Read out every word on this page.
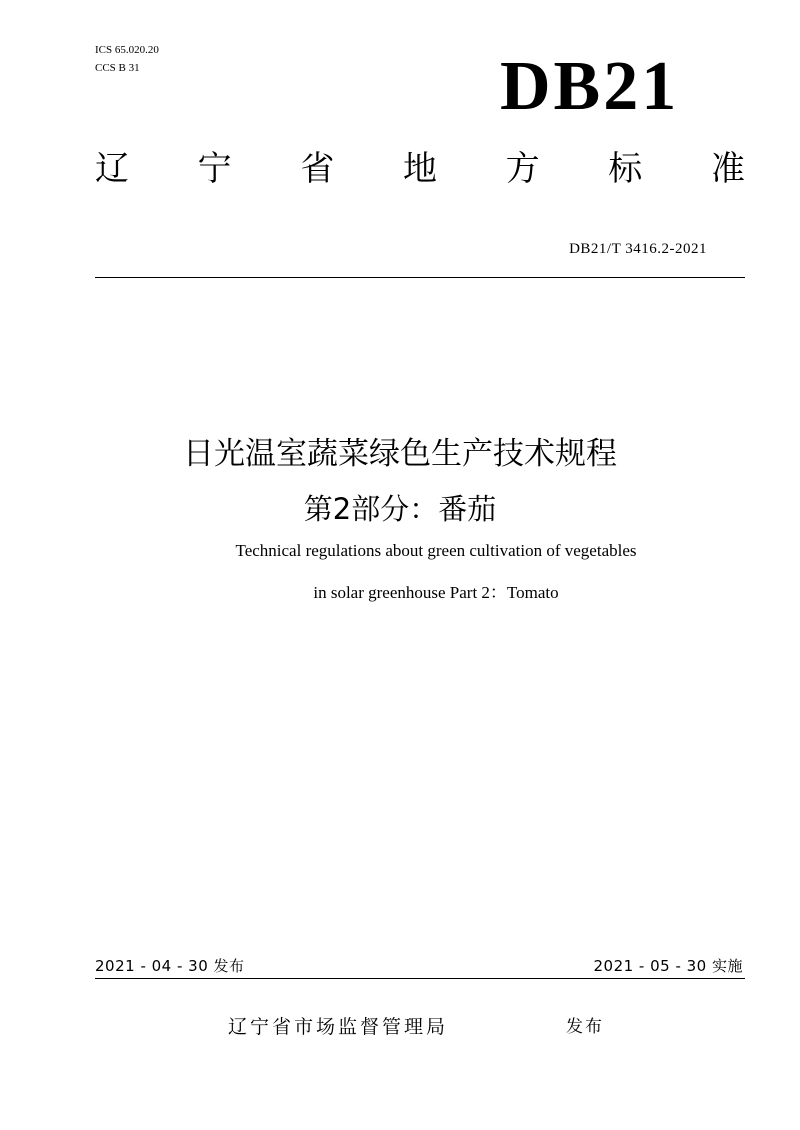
ICS 65.020.20
CCS B 31	DB21
辽 宁 省 地 方 标 准
DB21/T 3416.2-2021
日光温室蔬菜绿色生产技术规程
第2部分：番茄
Technical regulations about green cultivation of vegetables
in solar greenhouse Part 2：Tomato
2021 - 04 - 30 发布	2021 - 05 - 30 实施
辽宁省市场监督管理局	发布
